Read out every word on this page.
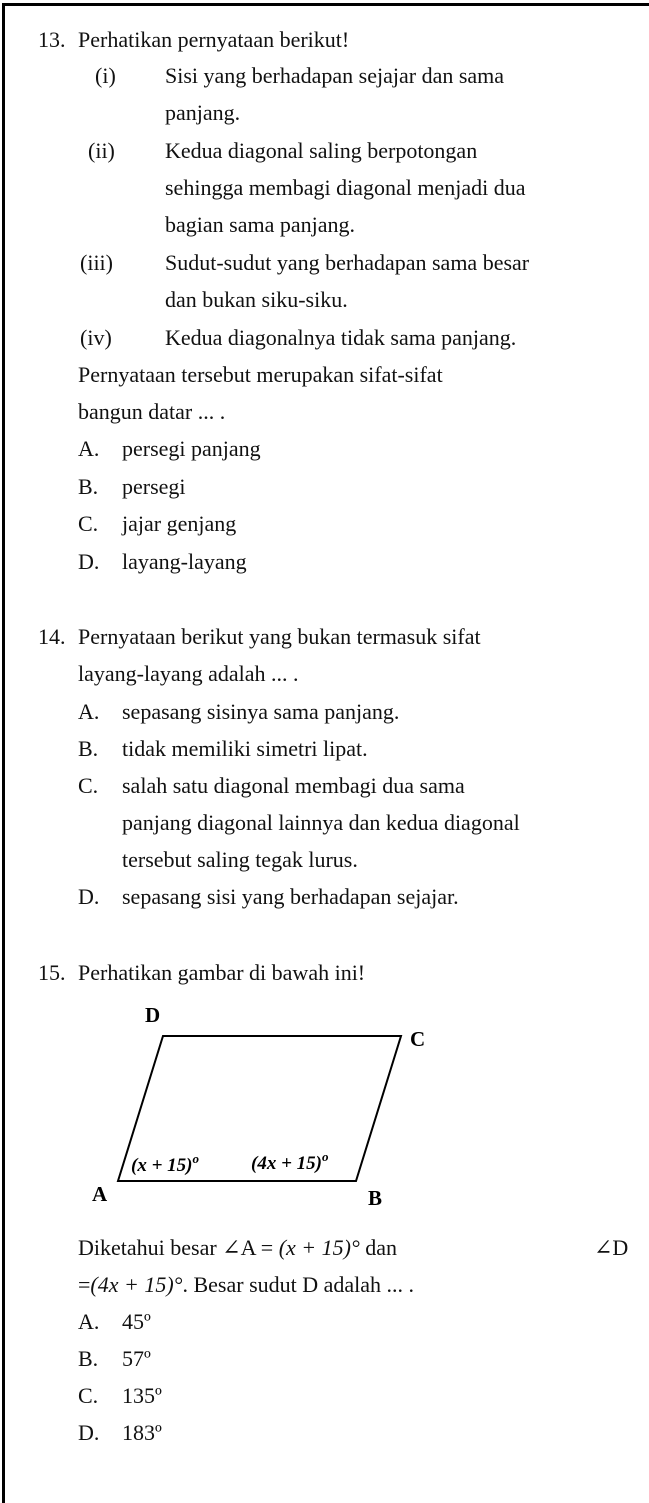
13. Perhatikan pernyataan berikut!
(i) Sisi yang berhadapan sejajar dan sama
panjang.
(ii) Kedua diagonal saling berpotongan
sehingga membagi diagonal menjadi dua
bagian sama panjang.
(iii) Sudut-sudut yang berhadapan sama besar
dan bukan siku-siku.
(iv) Kedua diagonalnya tidak sama panjang.
Pernyataan tersebut merupakan sifat-sifat
bangun datar ... .
A. persegi panjang
B. persegi
C. jajar genjang
D. layang-layang
14. Pernyataan berikut yang bukan termasuk sifat
layang-layang adalah ... .
A. sepasang sisinya sama panjang.
B. tidak memiliki simetri lipat.
C. salah satu diagonal membagi dua sama
panjang diagonal lainnya dan kedua diagonal
tersebut saling tegak lurus.
D. sepasang sisi yang berhadapan sejajar.
15. Perhatikan gambar di bawah ini!
D
C
A	B
$(x + 15)^o$	$(4x + 15)^o$
Diketahui besar ∠A = (x + 15)° dan	∠D
=(4x + 15)°. Besar sudut D adalah ... .
A. 45º
B. 57º
C. 135º
D. 183º
